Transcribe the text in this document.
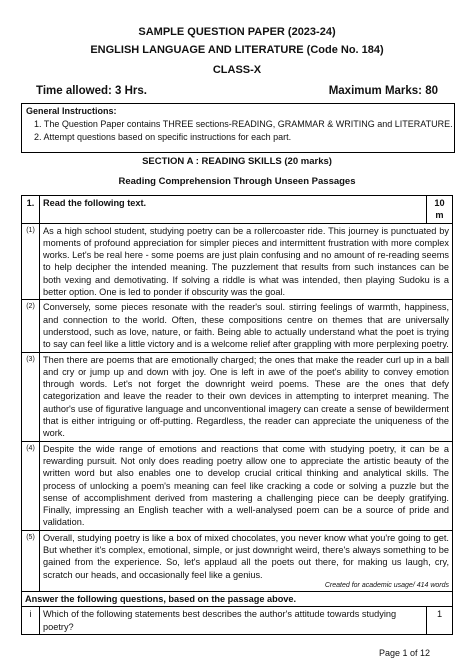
SAMPLE QUESTION PAPER (2023-24)
ENGLISH LANGUAGE AND LITERATURE (Code No. 184)
CLASS-X
Time allowed: 3 Hrs.	Maximum Marks: 80
General Instructions:
1. The Question Paper contains THREE sections-READING, GRAMMAR & WRITING and LITERATURE.
2. Attempt questions based on specific instructions for each part.
SECTION A : READING SKILLS (20 marks)
Reading Comprehension Through Unseen Passages
1.	Read the following text.	10 m
(1)	As a high school student, studying poetry can be a rollercoaster ride. This journey is punctuated by moments of profound appreciation for simpler pieces and intermittent frustration with more complex works. Let's be real here - some poems are just plain confusing and no amount of re-reading seems to help decipher the intended meaning. The puzzlement that results from such instances can be both vexing and demotivating. If solving a riddle is what was intended, then playing Sudoku is a better option. One is led to ponder if obscurity was the goal.	
(2)	Conversely, some pieces resonate with the reader's soul. stirring feelings of warmth, happiness, and connection to the world. Often, these compositions centre on themes that are universally understood, such as love, nature, or faith. Being able to actually understand what the poet is trying to say can feel like a little victory and is a welcome relief after grappling with more perplexing poetry.	
(3)	Then there are poems that are emotionally charged; the ones that make the reader curl up in a ball and cry or jump up and down with joy. One is left in awe of the poet's ability to convey emotion through words. Let's not forget the downright weird poems. These are the ones that defy categorization and leave the reader to their own devices in attempting to interpret meaning. The author's use of figurative language and unconventional imagery can create a sense of bewilderment that is either intriguing or off-putting. Regardless, the reader can appreciate the uniqueness of the work.	
(4)	Despite the wide range of emotions and reactions that come with studying poetry, it can be a rewarding pursuit. Not only does reading poetry allow one to appreciate the artistic beauty of the written word but also enables one to develop crucial critical thinking and analytical skills. The process of unlocking a poem's meaning can feel like cracking a code or solving a puzzle but the sense of accomplishment derived from mastering a challenging piece can be deeply gratifying. Finally, impressing an English teacher with a well-analysed poem can be a source of pride and validation.	
(5)	Overall, studying poetry is like a box of mixed chocolates, you never know what you're going to get. But whether it's complex, emotional, simple, or just downright weird, there's always something to be gained from the experience. So, let's applaud all the poets out there, for making us laugh, cry, scratch our heads, and occasionally feel like a genius.
Created for academic usage/ 414 words	

Answer the following questions, based on the passage above.		
i	Which of the following statements best describes the author's attitude towards studying poetry?	1
Page 1 of 12
